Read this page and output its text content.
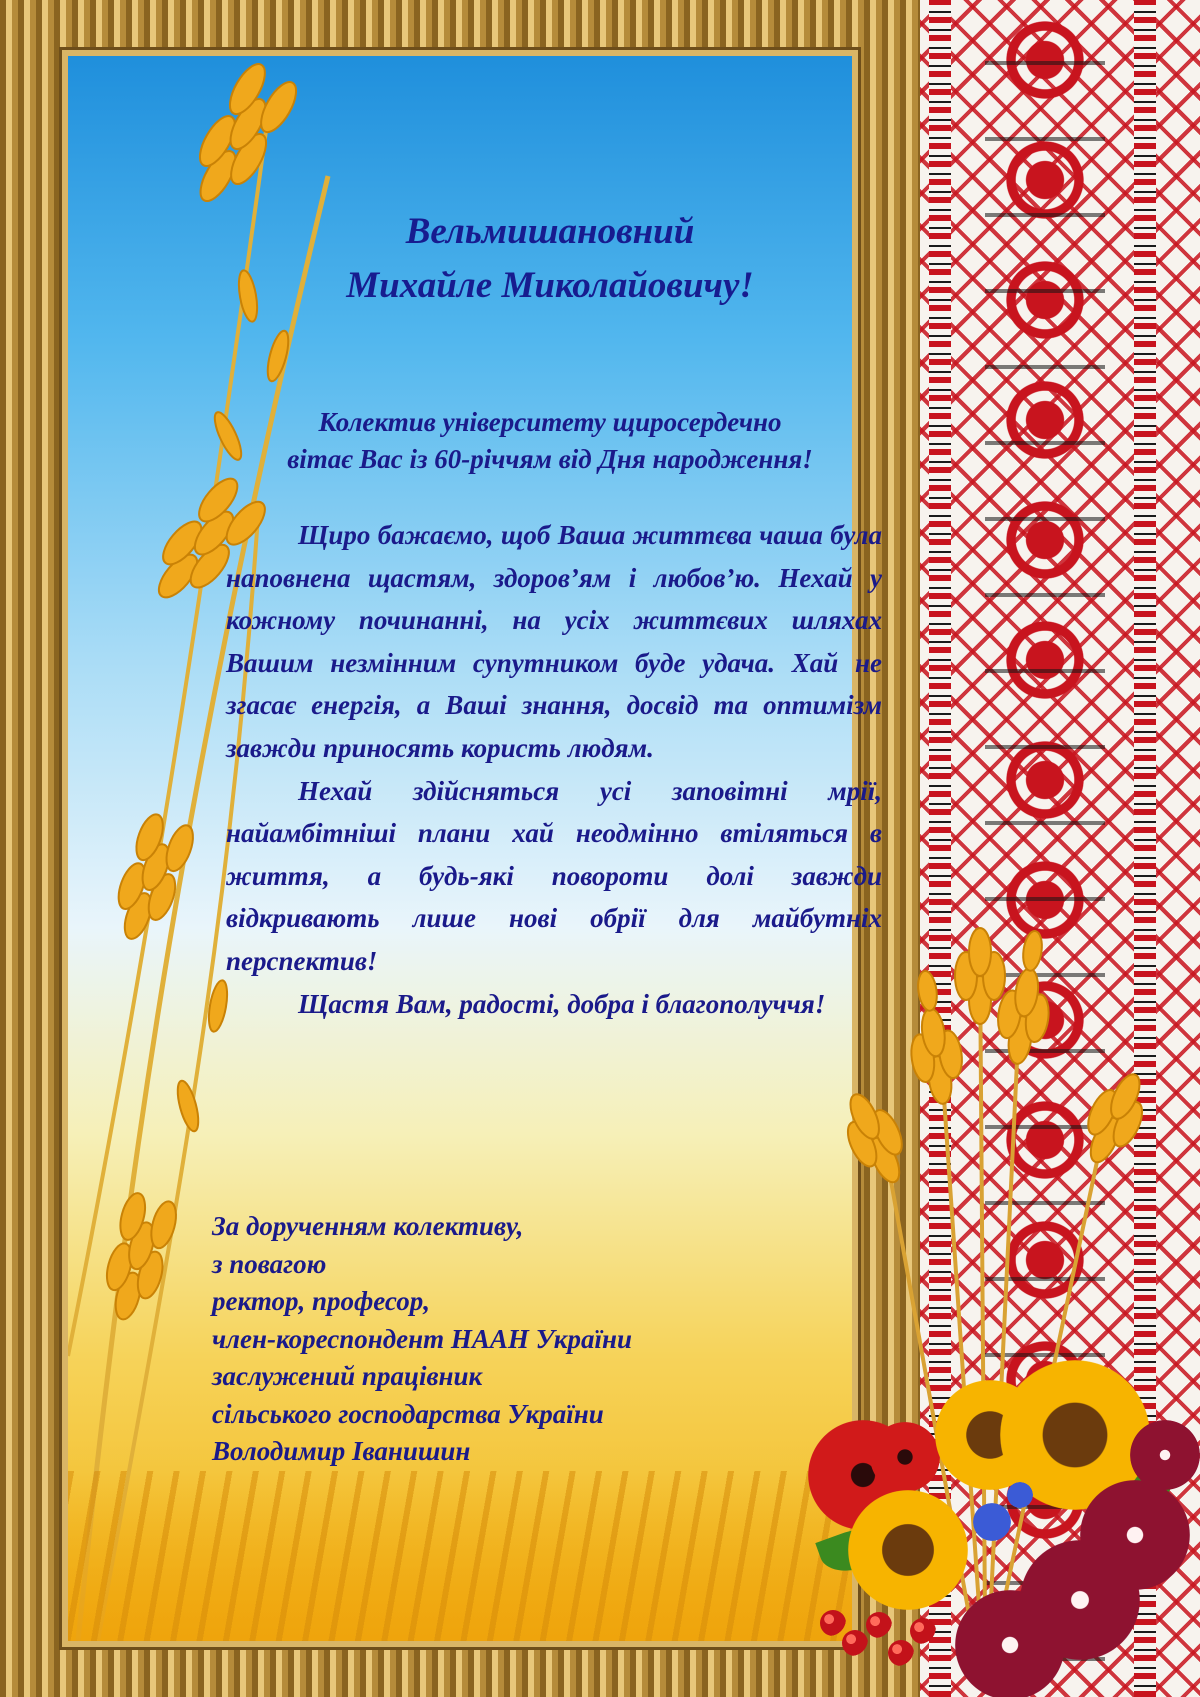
Вельмишановний
Михайле Миколайовичу!
Колектив університету щиросердечно
вітає Вас із 60-річчям від Дня народження!

Щиро бажаємо, щоб Ваша життєва чаша була наповнена щастям, здоров’ям і любов’ю. Нехай у кожному починанні, на усіх життєвих шляхах Вашим незмінним супутником буде удача. Хай не згасає енергія, а Ваші знання, досвід та оптимізм завжди приносять користь людям.

Нехай здійсняться усі заповітні мрії, найамбітніші плани хай неодмінно втіляться в життя, а будь-які повороти долі завжди відкривають лише нові обрії для майбутніх перспектив!

Щастя Вам, радості, добра і благополуччя!

За дорученням колективу,
з повагою
ректор, професор,
член-кореспондент НААН України
заслужений працівник
сільського господарства України
Володимир Іванишин
